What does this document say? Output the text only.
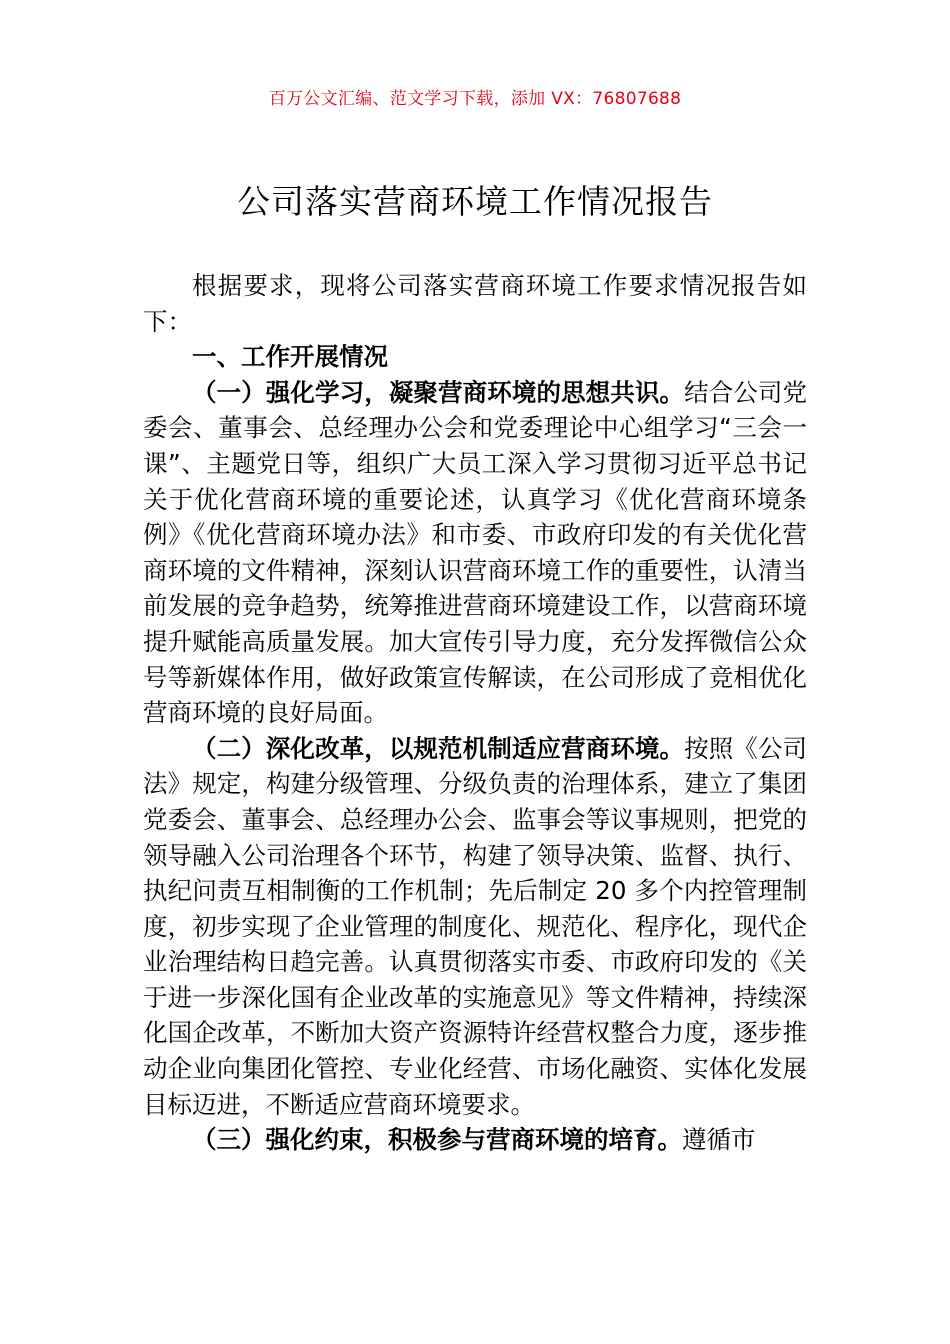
百万公文汇编、范文学习下载，添加 VX：76807688
公司落实营商环境工作情况报告

根据要求，现将公司落实营商环境工作要求情况报告如下：

一、工作开展情况

（一）强化学习，凝聚营商环境的思想共识。结合公司党委会、董事会、总经理办公会和党委理论中心组学习“三会一课”、主题党日等，组织广大员工深入学习贯彻习近平总书记关于优化营商环境的重要论述，认真学习《优化营商环境条例》《优化营商环境办法》和市委、市政府印发的有关优化营商环境的文件精神，深刻认识营商环境工作的重要性，认清当前发展的竞争趋势，统筹推进营商环境建设工作，以营商环境提升赋能高质量发展。加大宣传引导力度，充分发挥微信公众号等新媒体作用，做好政策宣传解读，在公司形成了竞相优化营商环境的良好局面。

（二）深化改革，以规范机制适应营商环境。按照《公司法》规定，构建分级管理、分级负责的治理体系，建立了集团党委会、董事会、总经理办公会、监事会等议事规则，把党的领导融入公司治理各个环节，构建了领导决策、监督、执行、执纪问责互相制衡的工作机制；先后制定 20 多个内控管理制度，初步实现了企业管理的制度化、规范化、程序化，现代企业治理结构日趋完善。认真贯彻落实市委、市政府印发的《关于进一步深化国有企业改革的实施意见》等文件精神，持续深化国企改革，不断加大资产资源特许经营权整合力度，逐步推动企业向集团化管控、专业化经营、市场化融资、实体化发展目标迈进，不断适应营商环境要求。

（三）强化约束，积极参与营商环境的培育。遵循市
